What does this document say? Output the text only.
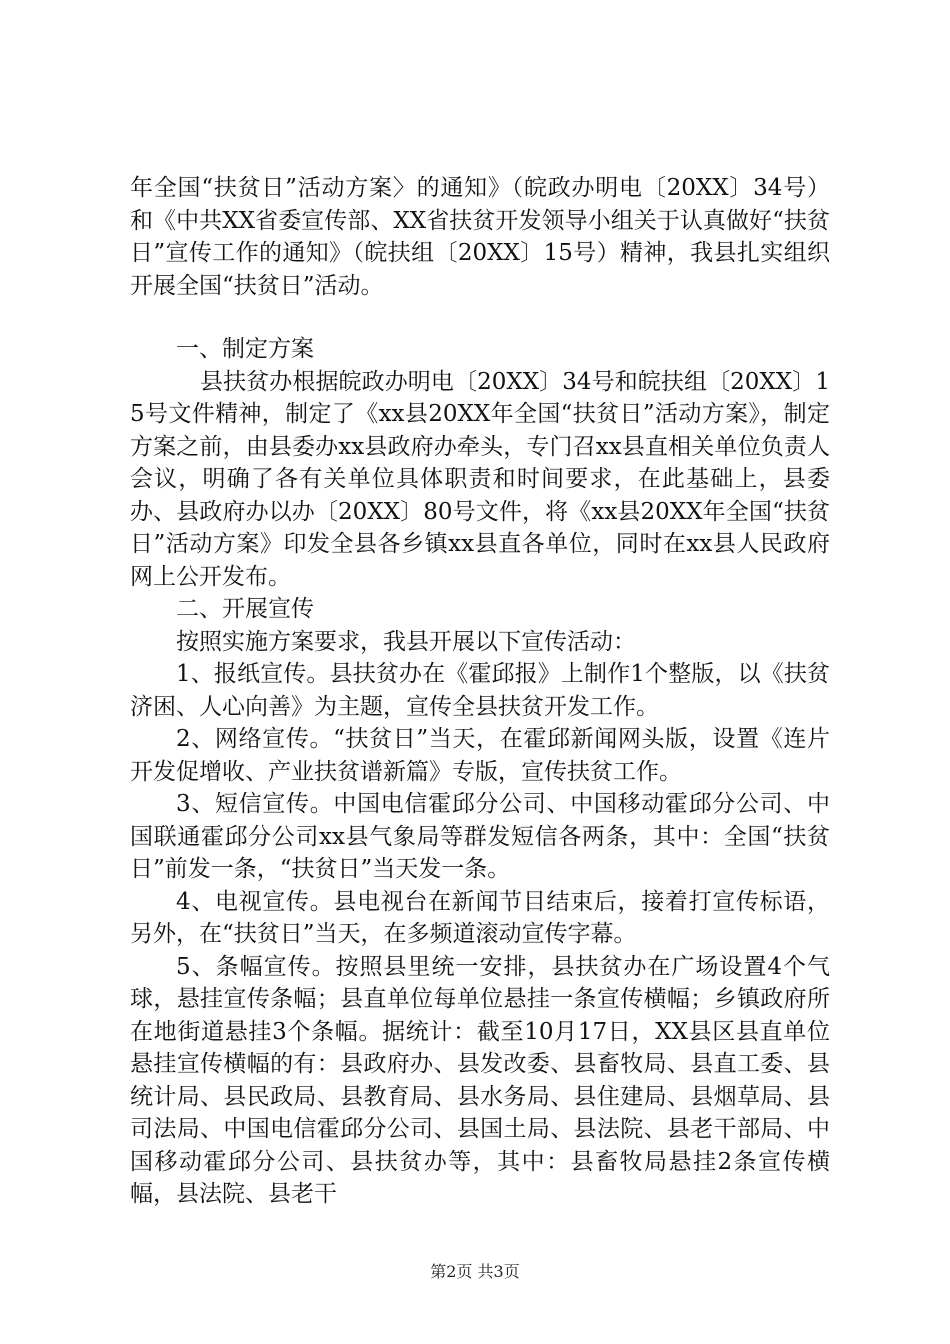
年全国“扶贫日”活动方案〉的通知》（皖政办明电〔20XX〕34号）和《中共XX省委宣传部、XX省扶贫开发领导小组关于认真做好“扶贫日”宣传工作的通知》（皖扶组〔20XX〕15号）精神，我县扎实组织开展全国“扶贫日”活动。

一、制定方案

县扶贫办根据皖政办明电〔20XX〕34号和皖扶组〔20XX〕15号文件精神，制定了《xx县20XX年全国“扶贫日”活动方案》，制定方案之前，由县委办xx县政府办牵头，专门召xx县直相关单位负责人会议，明确了各有关单位具体职责和时间要求，在此基础上，县委办、县政府办以办〔20XX〕80号文件，将《xx县20XX年全国“扶贫日”活动方案》印发全县各乡镇xx县直各单位，同时在xx县人民政府网上公开发布。

二、开展宣传

按照实施方案要求，我县开展以下宣传活动：

1、报纸宣传。县扶贫办在《霍邱报》上制作1个整版，以《扶贫济困、人心向善》为主题，宣传全县扶贫开发工作。

2、网络宣传。“扶贫日”当天，在霍邱新闻网头版，设置《连片开发促增收、产业扶贫谱新篇》专版，宣传扶贫工作。

3、短信宣传。中国电信霍邱分公司、中国移动霍邱分公司、中国联通霍邱分公司xx县气象局等群发短信各两条，其中：全国“扶贫日”前发一条，“扶贫日”当天发一条。

4、电视宣传。县电视台在新闻节目结束后，接着打宣传标语，另外，在“扶贫日”当天，在多频道滚动宣传字幕。

5、条幅宣传。按照县里统一安排，县扶贫办在广场设置4个气球，悬挂宣传条幅；县直单位每单位悬挂一条宣传横幅；乡镇政府所在地街道悬挂3个条幅。据统计：截至10月17日，XX县区县直单位悬挂宣传横幅的有：县政府办、县发改委、县畜牧局、县直工委、县统计局、县民政局、县教育局、县水务局、县住建局、县烟草局、县司法局、中国电信霍邱分公司、县国土局、县法院、县老干部局、中国移动霍邱分公司、县扶贫办等，其中：县畜牧局悬挂2条宣传横幅，县法院、县老干

第2页 共3页
